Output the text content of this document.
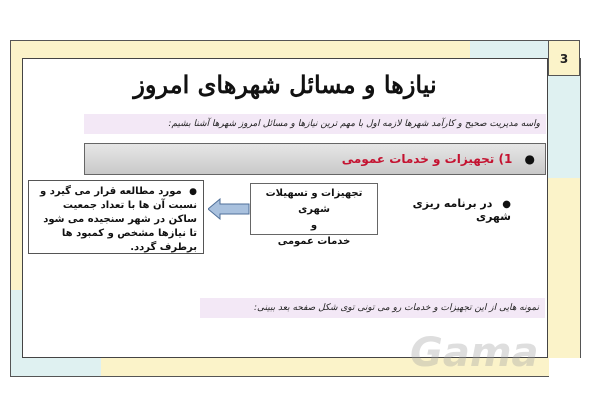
3
نیازها و مسائل شهرهای امروز
واسه مدیریت صحیح و کارآمد شهرها لازمه اول با مهم ترین نیازها و مسائل امروز شهرها آشنا بشیم:
● 1) تجهیزات و خدمات عمومی
● در برنامه ریزی شهری
تجهیزات و تسهیلات شهری
و
خدمات عمومی
● مورد مطالعه قرار می گیرد و نسبت آن ها با تعداد جمعیت ساکن در شهر سنجیده می شود تا نیازها مشخص و کمبود ها برطرف گردد.
نمونه هایی از این تجهیزات و خدمات رو می تونی توی شکل صفحه بعد ببینی:
Gama
